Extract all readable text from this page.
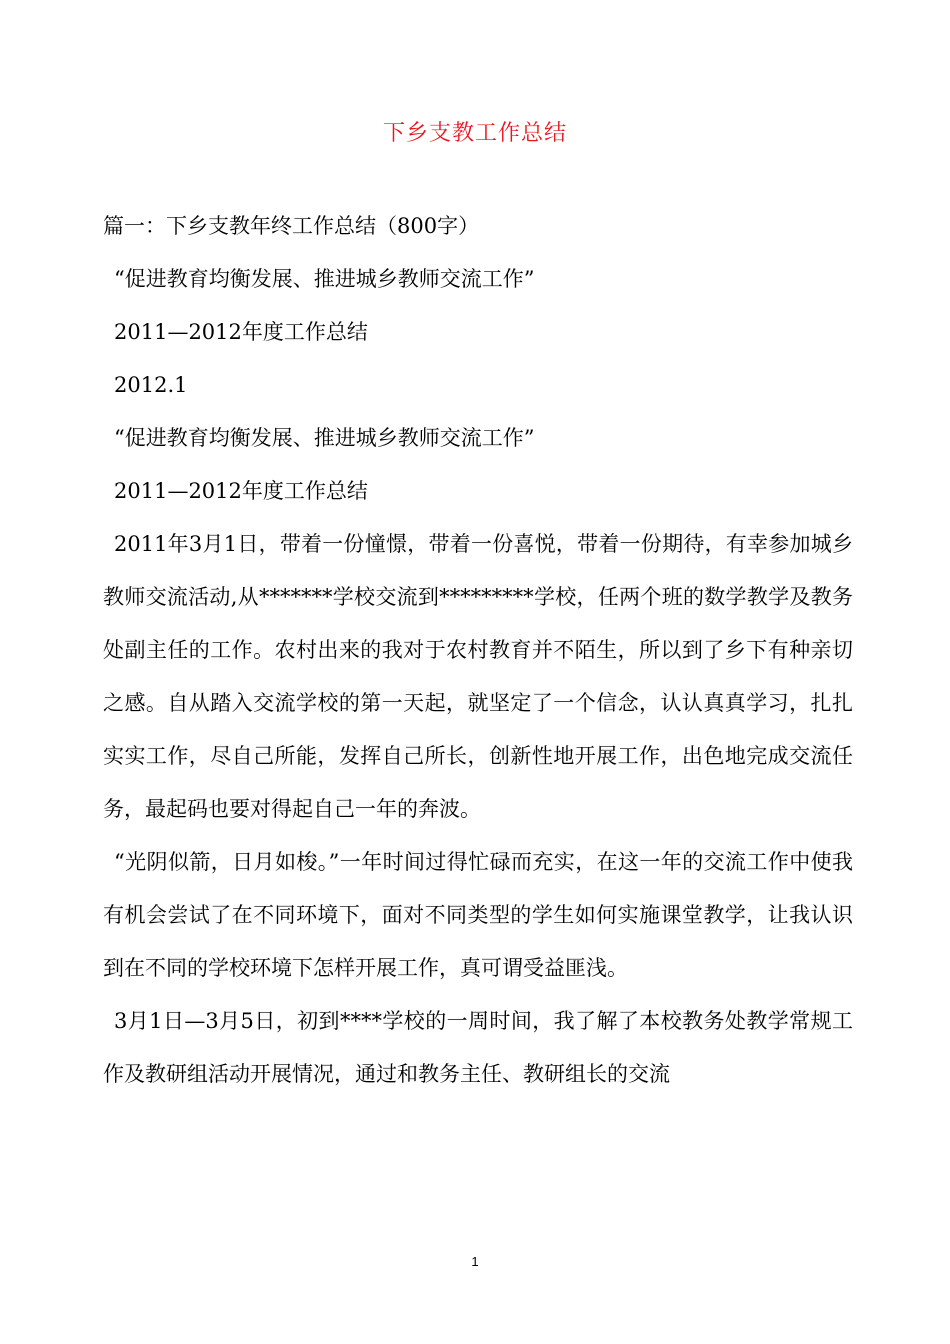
下乡支教工作总结

篇一：下乡支教年终工作总结（800字）

“促进教育均衡发展、推进城乡教师交流工作”

2011—2012年度工作总结

2012.1

“促进教育均衡发展、推进城乡教师交流工作”

2011—2012年度工作总结

2011年3月1日，带着一份憧憬，带着一份喜悦，带着一份期待，有幸参加城乡教师交流活动,从*******学校交流到*********学校，任两个班的数学教学及教务处副主任的工作。农村出来的我对于农村教育并不陌生，所以到了乡下有种亲切之感。自从踏入交流学校的第一天起，就坚定了一个信念，认认真真学习，扎扎实实工作，尽自己所能，发挥自己所长，创新性地开展工作，出色地完成交流任务，最起码也要对得起自己一年的奔波。

“光阴似箭，日月如梭。”一年时间过得忙碌而充实，在这一年的交流工作中使我有机会尝试了在不同环境下，面对不同类型的学生如何实施课堂教学，让我认识到在不同的学校环境下怎样开展工作，真可谓受益匪浅。

3月1日—3月5日，初到****学校的一周时间，我了解了本校教务处教学常规工作及教研组活动开展情况，通过和教务主任、教研组长的交流

1
